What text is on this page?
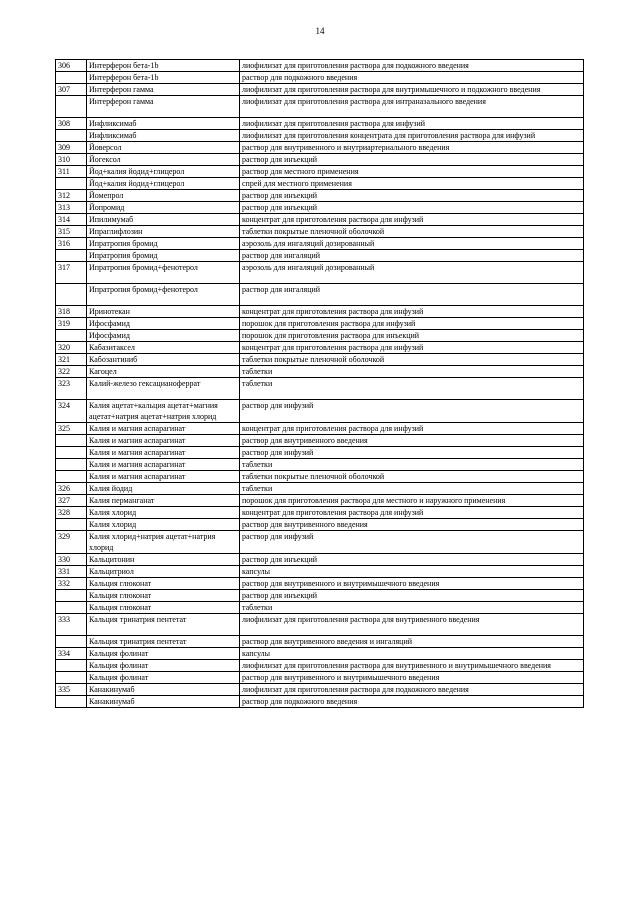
14
306	Интерферон бета-1b	лиофилизат для приготовления раствора для подкожного введения
	Интерферон бета-1b	раствор для подкожного введения
307	Интерферон гамма	лиофилизат для приготовления раствора для внутримышечного и подкожного введения
	Интерферон гамма	лиофилизат для приготовления раствора для интраназального введения
308	Инфликсимаб	лиофилизат для приготовления раствора для инфузий
	Инфликсимаб	лиофилизат для приготовления концентрата для приготовления раствора для инфузий
309	Йоверсол	раствор для внутривенного и внутриартериального введения
310	Йогексол	раствор для инъекций
311	Йод+калия йодид+глицерол	раствор для местного применения
	Йод+калия йодид+глицерол	спрей для местного применения
312	Йомепрол	раствор для инъекций
313	Йопромид	раствор для инъекций
314	Ипилимумаб	концентрат для приготовления раствора для инфузий
315	Ипраглифлозин	таблетки покрытые пленочной оболочкой
316	Ипратропия бромид	аэрозоль для ингаляций дозированный
	Ипратропия бромид	раствор для ингаляций
317	Ипратропия бромид+фенотерол	аэрозоль для ингаляций дозированный
	Ипратропия бромид+фенотерол	раствор для ингаляций
318	Иринотекан	концентрат для приготовления раствора для инфузий
319	Ифосфамид	порошок для приготовления раствора для инфузий
	Ифосфамид	порошок для приготовления раствора для инъекций
320	Кабазитаксел	концентрат для приготовления раствора для инфузий
321	Кабозантиниб	таблетки покрытые пленочной оболочкой
322	Кагоцел	таблетки
323	Калий-железо гексацианоферрат	таблетки
324	Калия ацетат+кальция ацетат+магния ацетат+натрия ацетат+натрия хлорид	раствор для инфузий
325	Калия и магния аспарагинат	концентрат для приготовления раствора для инфузий
	Калия и магния аспарагинат	раствор для внутривенного введения
	Калия и магния аспарагинат	раствор для инфузий
	Калия и магния аспарагинат	таблетки
	Калия и магния аспарагинат	таблетки покрытые пленочной оболочкой
326	Калия йодид	таблетки
327	Калия перманганат	порошок для приготовления раствора для местного и наружного применения
328	Калия хлорид	концентрат для приготовления раствора для инфузий
	Калия хлорид	раствор для внутривенного введения
329	Калия хлорид+натрия ацетат+натрия хлорид	раствор для инфузий
330	Кальцитонин	раствор для инъекций
331	Кальцитриол	капсулы
332	Кальция глюконат	раствор для внутривенного и внутримышечного введения
	Кальция глюконат	раствор для инъекций
	Кальция глюконат	таблетки
333	Кальция тринатрия пентетат	лиофилизат для приготовления раствора для внутривенного введения
	Кальция тринатрия пентетат	раствор для внутривенного введения и ингаляций
334	Кальция фолинат	капсулы
	Кальция фолинат	лиофилизат для приготовления раствора для внутривенного и внутримышечного введения
	Кальция фолинат	раствор для внутривенного и внутримышечного введения
335	Канакинумаб	лиофилизат для приготовления раствора для подкожного введения
	Канакинумаб	раствор для подкожного введения
